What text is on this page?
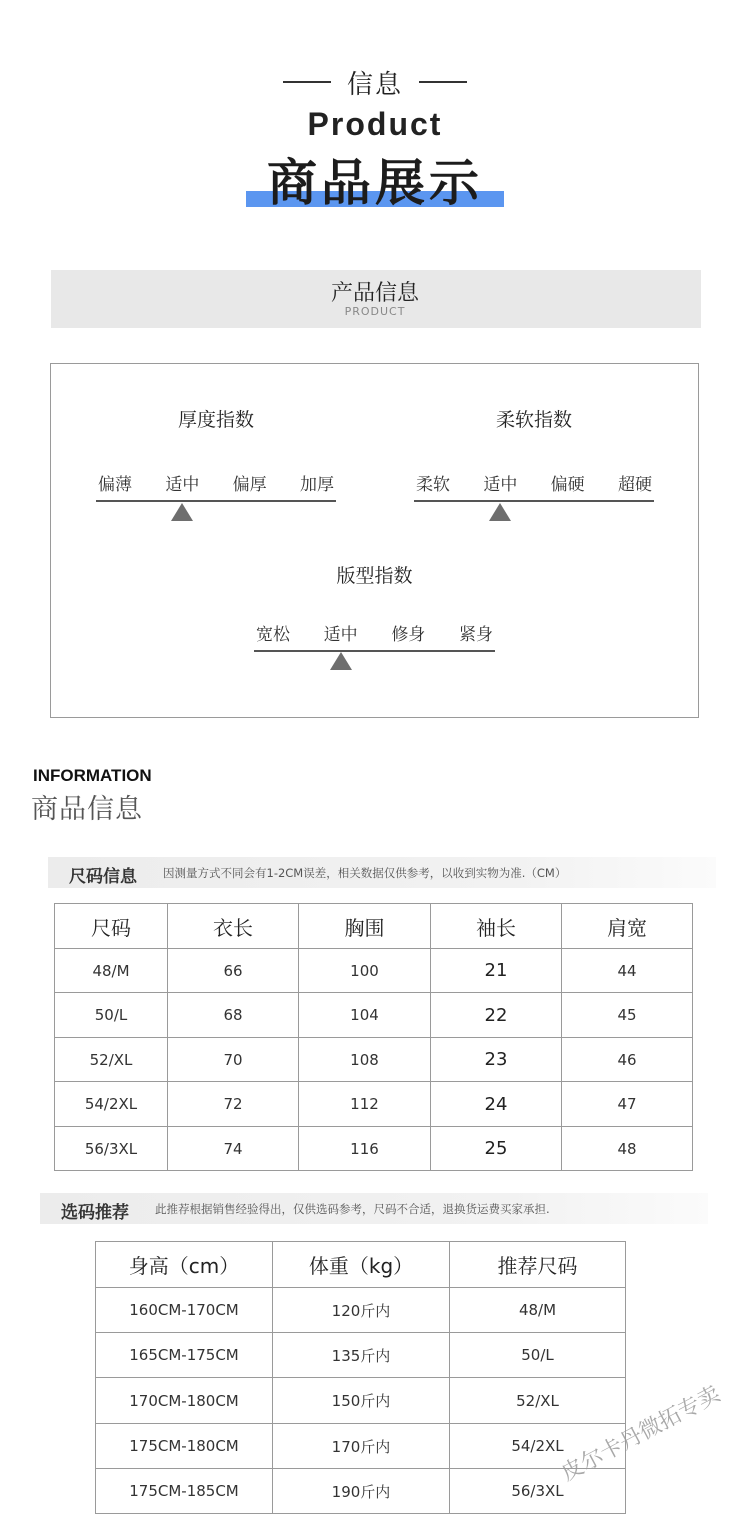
信息
Product
商品展示
产品信息
PRODUCT
厚度指数
偏薄 适中 偏厚 加厚
柔软指数
柔软 适中 偏硬 超硬
版型指数
宽松 适中 修身 紧身
INFORMATION
商品信息
尺码信息 因测量方式不同会有1-2CM误差，相关数据仅供参考，以收到实物为准.（CM）
尺码	衣长	胸围	袖长	肩宽
48/M	66	100	21	44
50/L	68	104	22	45
52/XL	70	108	23	46
54/2XL	72	112	24	47
56/3XL	74	116	25	48
选码推荐 此推荐根据销售经验得出，仅供选码参考，尺码不合适，退换货运费买家承担.
身高（cm）	体重（kg）	推荐尺码
160CM-170CM	120斤内	48/M
165CM-175CM	135斤内	50/L
170CM-180CM	150斤内	52/XL
175CM-180CM	170斤内	54/2XL
175CM-185CM	190斤内	56/3XL
皮尔卡丹微拓专卖
